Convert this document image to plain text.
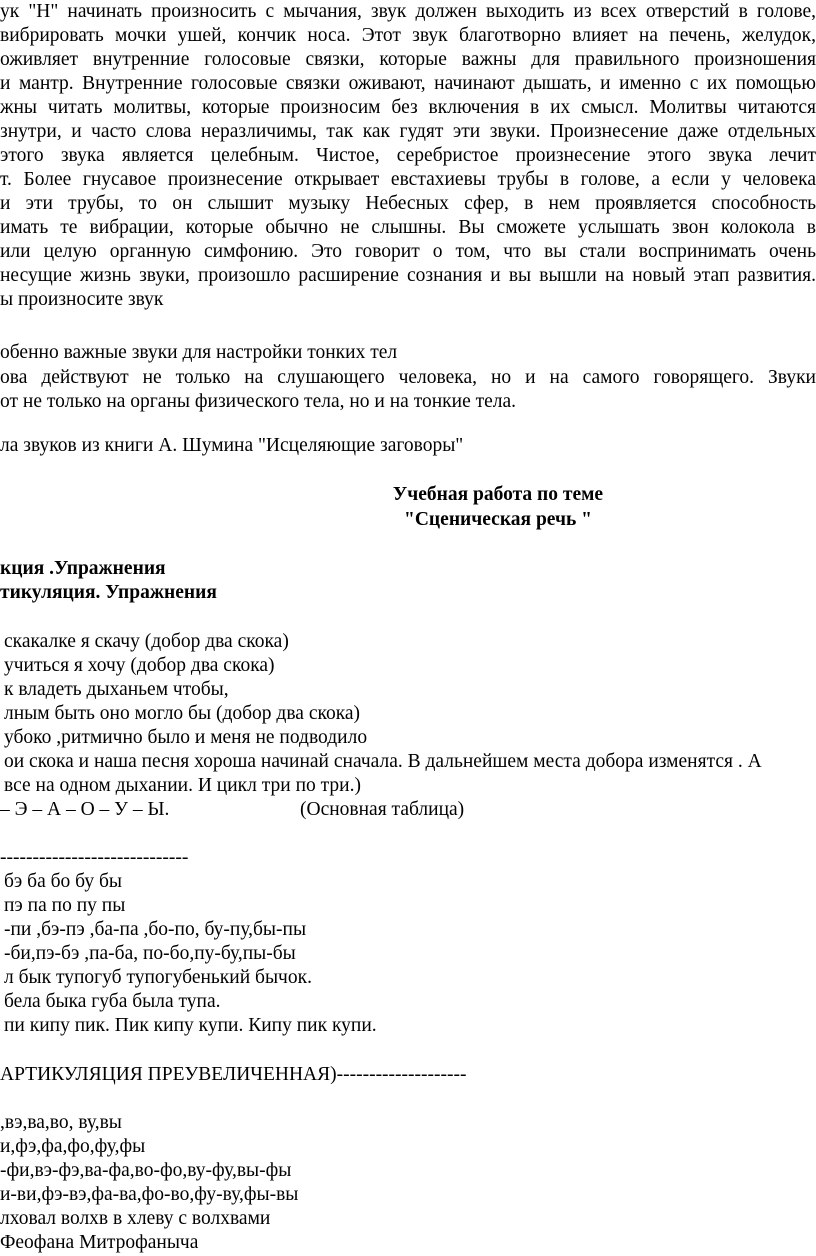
ук "Н" начинать произносить с мычания, звук должен выходить из всех отверстий в голове,
вибрировать мочки ушей, кончик носа. Этот звук благотворно влияет на печень, желудок,
оживляет внутренние голосовые связки, которые важны для правильного произношения
и мантр. Внутренние голосовые связки оживают, начинают дышать, и именно с их помощью
жны читать молитвы, которые произносим без включения в их смысл. Молитвы читаются
знутри, и часто слова неразличимы, так как гудят эти звуки. Произнесение даже отдельных
этого звука является целебным. Чистое, серебристое произнесение этого звука лечит
т. Более гнусавое произнесение открывает евстахиевы трубы в голове, а если у человека
и эти трубы, то он слышит музыку Небесных сфер, в нем проявляется способность
имать те вибрации, которые обычно не слышны. Вы сможете услышать звон колокола в
или целую органную симфонию. Это говорит о том, что вы стали воспринимать очень
несущие жизнь звуки, произошло расширение сознания и вы вышли на новый этап развития.
ы произносите звук
обенно важные звуки для настройки тонких тел
ова действуют не только на слушающего человека, но и на самого говорящего. Звуки
от не только на органы физического тела, но и на тонкие тела.
ла звуков из книги А. Шумина "Исцеляющие заговоры"
Учебная работа по теме
"Сценическая речь "
кция .Упражнения
тикуляция. Упражнения
скакалке я скачу (добор два скока)
учиться я хочу (добор два скока)
к владеть дыханьем чтобы,
лным быть оно могло бы (добор два скока)
убоко ,ритмично было и меня не подводило
ои скока и наша песня хороша начинай сначала. В дальнейшем места добора изменятся . А
все на одном дыхании. И цикл три по три.)
– Э – А – О – У – Ы.	(Основная таблица)
-----------------------------
бэ ба бо бу бы
пэ па по пу пы
-пи ,бэ-пэ ,ба-па ,бо-по, бу-пу,бы-пы
-би,пэ-бэ ,па-ба, по-бо,пу-бу,пы-бы
л бык тупогуб тупогубенький бычок.
бела быка губа была тупа.
пи кипу пик. Пик кипу купи. Кипу пик купи.
АРТИКУЛЯЦИЯ ПРЕУВЕЛИЧЕННАЯ)--------------------
,вэ,ва,во, ву,вы
и,фэ,фа,фо,фу,фы
-фи,вэ-фэ,ва-фа,во-фо,ву-фу,вы-фы
и-ви,фэ-вэ,фа-ва,фо-во,фу-ву,фы-вы
лховал волхв в хлеву с волхвами
Феофана Митрофаныча
